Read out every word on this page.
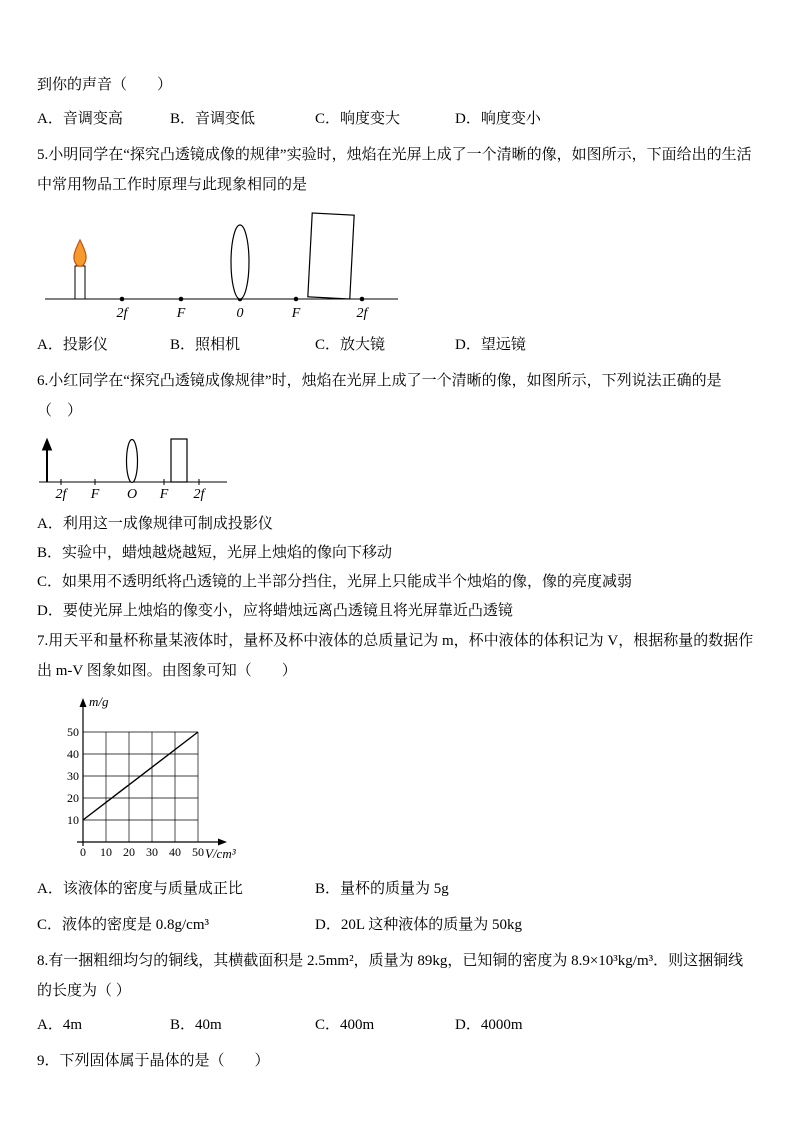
到你的声音（　　）

A．音调变高	B．音调变低	C．响度变大	D．响度变小

5.小明同学在“探究凸透镜成像的规律”实验时，烛焰在光屏上成了一个清晰的像，如图所示，下面给出的生活中常用物品工作时原理与此现象相同的是

2f	F	0	F	2f
A．投影仪	B．照相机	C．放大镜	D．望远镜

6.小红同学在“探究凸透镜成像规律”时，烛焰在光屏上成了一个清晰的像，如图所示，下列说法正确的是（　）

2f F O F 2f

A．利用这一成像规律可制成投影仪

B．实验中，蜡烛越烧越短，光屏上烛焰的像向下移动

C．如果用不透明纸将凸透镜的上半部分挡住，光屏上只能成半个烛焰的像，像的亮度减弱

D．要使光屏上烛焰的像变小，应将蜡烛远离凸透镜且将光屏靠近凸透镜

7.用天平和量杯称量某液体时，量杯及杯中液体的总质量记为 m，杯中液体的体积记为 V，根据称量的数据作出 m-V 图象如图。由图象可知（　　）

50
40
30
20
10
0 10 20 30 40 50
m/g
V/cm³
A．该液体的密度与质量成正比	B．量杯的质量为 5g
C．液体的密度是 0.8g/cm³	D．20L 这种液体的质量为 50kg

8.有一捆粗细均匀的铜线，其横截面积是 2.5mm²，质量为 89kg，已知铜的密度为 8.9×10³kg/m³．则这捆铜线的长度为（ ）

A．4m	B．40m	C．400m	D．4000m

9．下列固体属于晶体的是（　　）
